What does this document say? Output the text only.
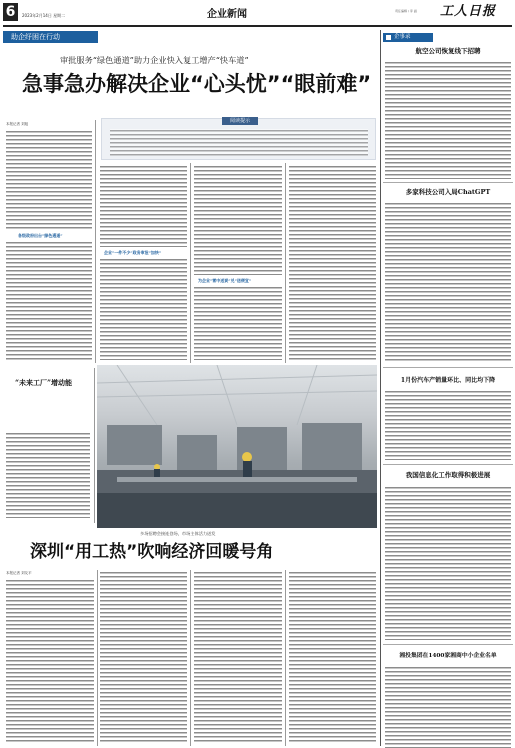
6	2023年2月14日 星期二	企业新闻	责任编辑 / 李 涵 工人日报
助企纾困在行动
审批服务“绿色通道”助力企业快入复工增产“快车道”
急事急办解决企业“心头忧”“眼前难”
本报记者 刘旭
各级政府出台“绿色通道”
阅读提示
企业“一件不少”政务审批“加快”
为企业“雪中送炭”兑“送便宜”
“未来工厂”增动能
多场招聘会接连登场，市场主体活力迸发
深圳“用工热”吹响经济回暖号角
本报记者 刘友平
企事录
航空公司恢复线下招聘
多家科技公司入局ChatGPT
1月份汽车产销量环比、同比均下降
我国信息化工作取得积极进展
湘投集团在1400家湘商中小企业名单
